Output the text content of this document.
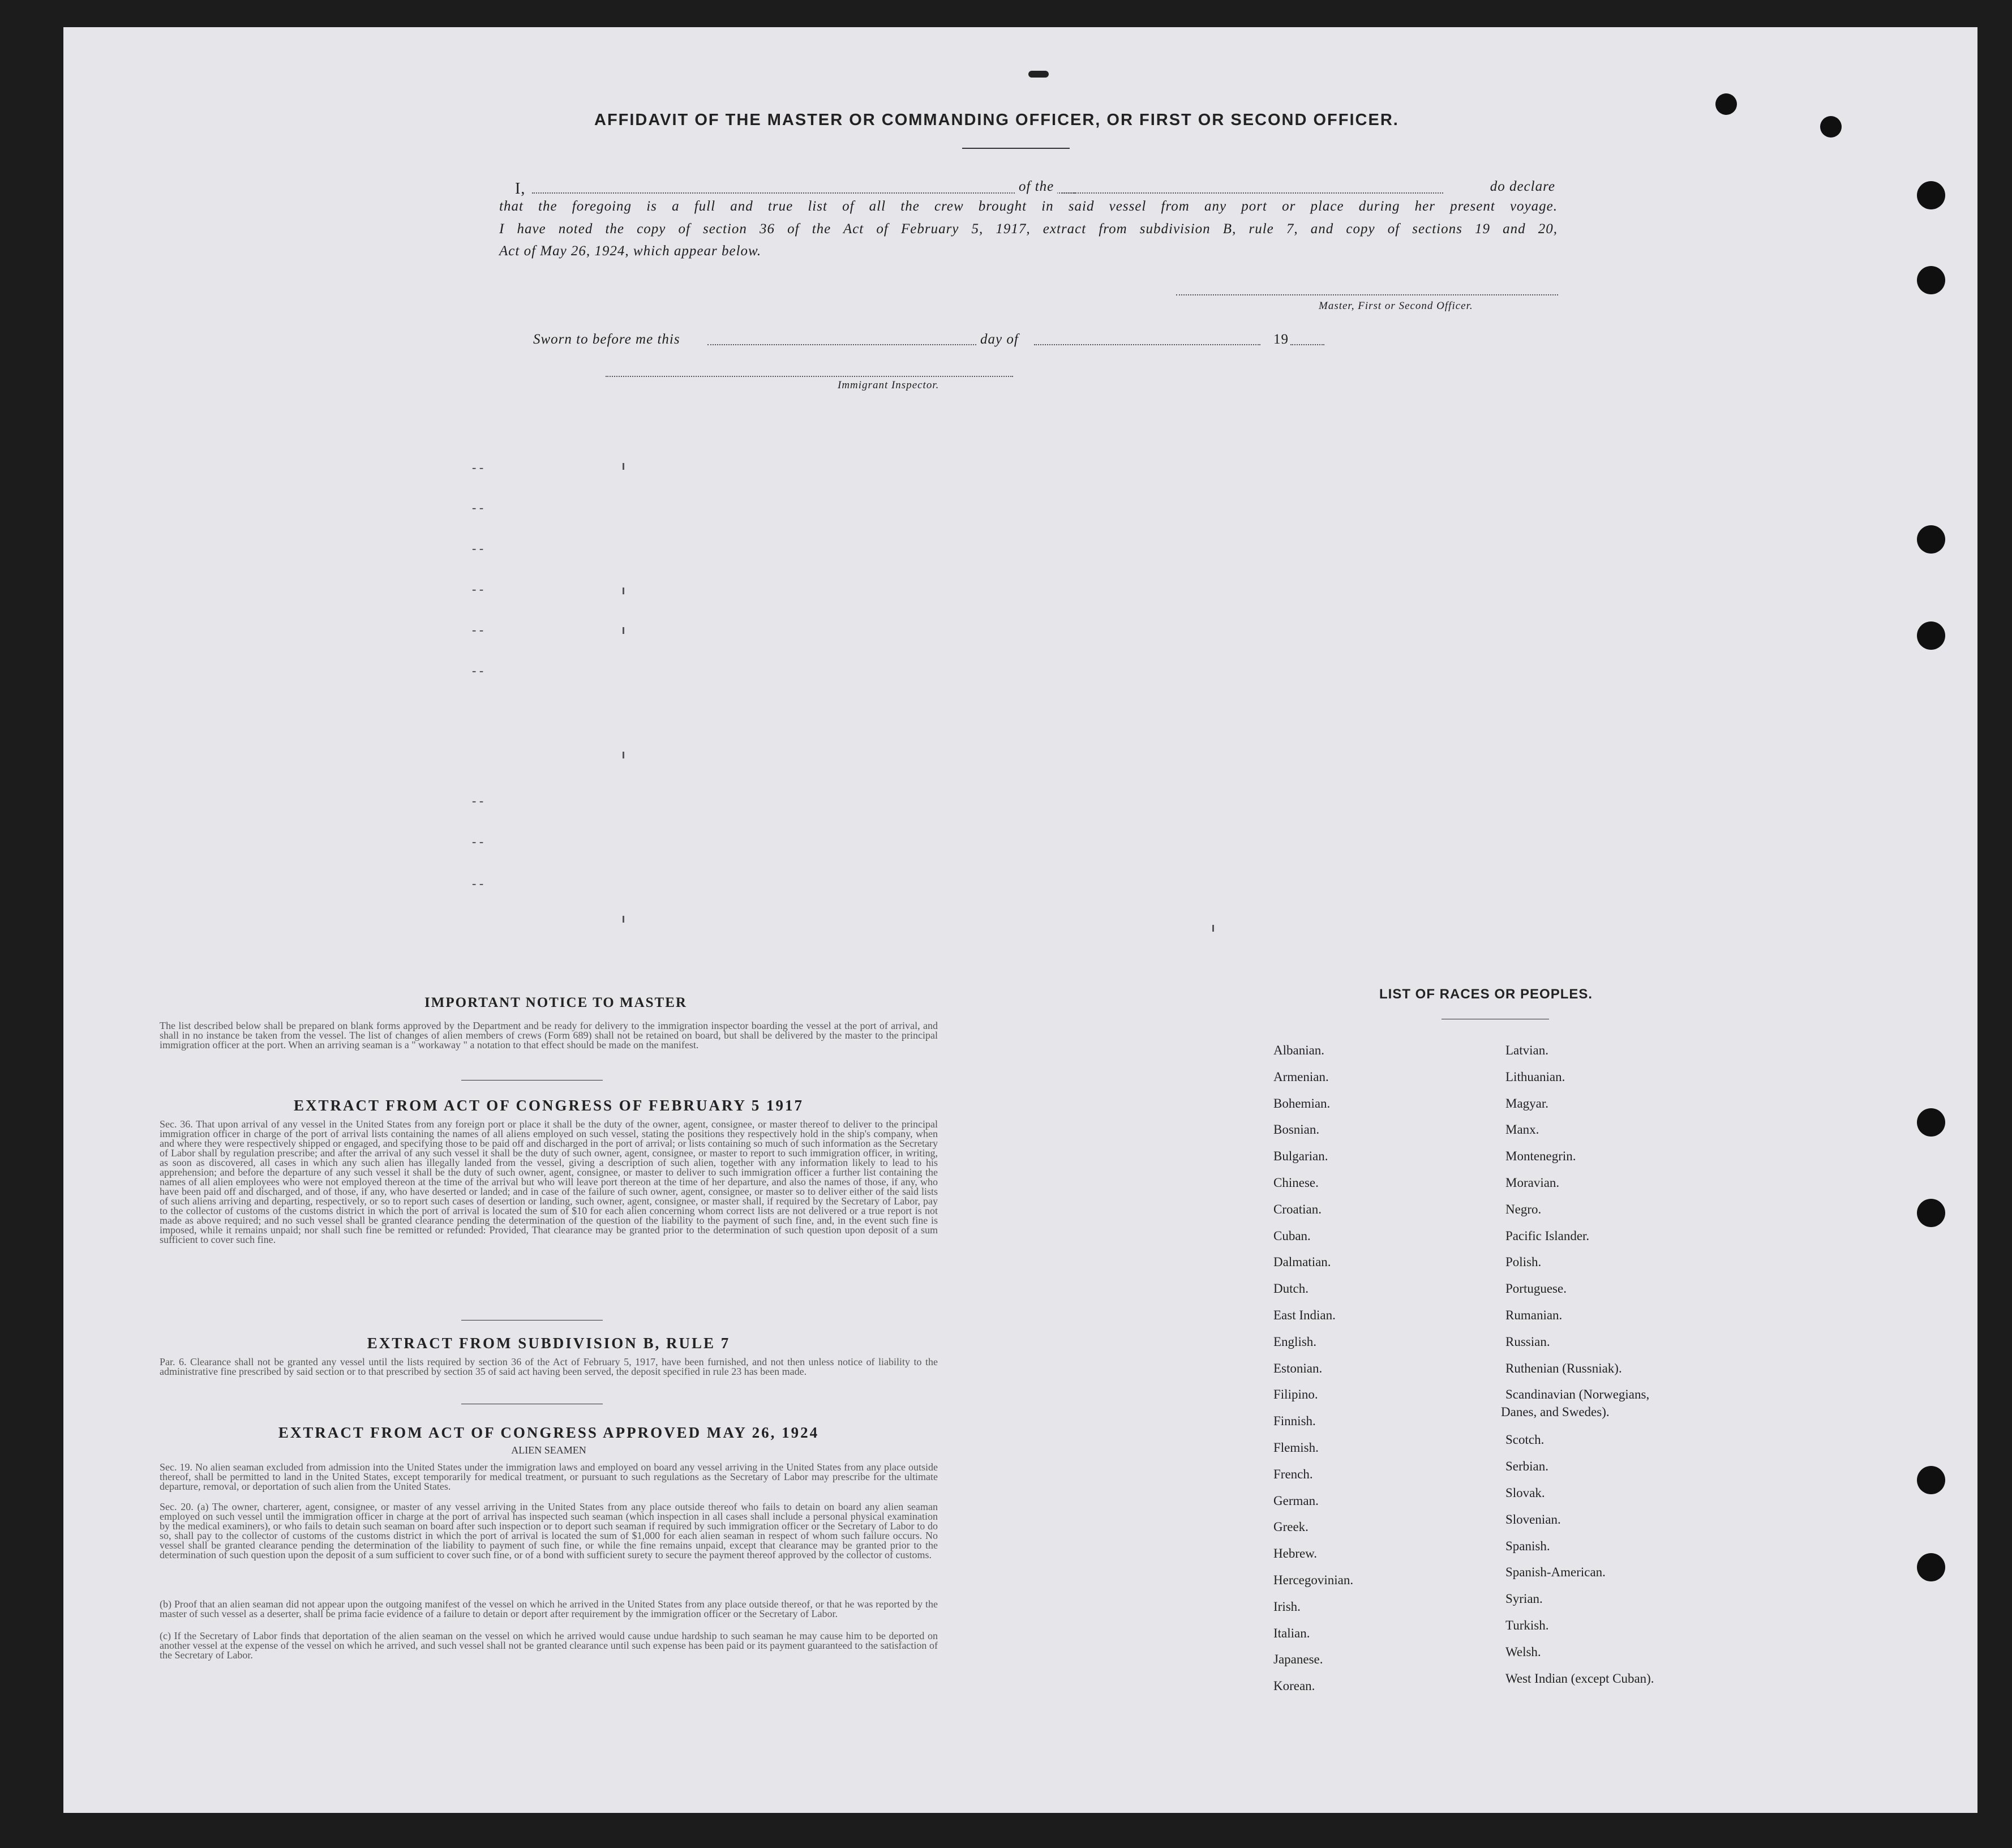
AFFIDAVIT OF THE MASTER OR COMMANDING OFFICER, OR FIRST OR SECOND OFFICER.
I,	of the	do declare
that the foregoing is a full and true list of all the crew brought in said vessel from any port or place during her present voyage.
I have noted the copy of section 36 of the Act of February 5, 1917, extract from subdivision B, rule 7, and copy of sections 19 and 20,
Act of May 26, 1924, which appear below.
Master, First or Second Officer.
Sworn to before me this	day of	19
Immigrant Inspector.
- -
- -
- -
- -
- -
- -
- -
- -
- -
IMPORTANT NOTICE TO MASTER
The list described below shall be prepared on blank forms approved by the Department and be ready for delivery to the immigration inspector boarding the vessel at the port of arrival, and shall in no instance be taken from the vessel. The list of changes of alien members of crews (Form 689) shall not be retained on board, but shall be delivered by the master to the principal immigration officer at the port. When an arriving seaman is a " workaway " a notation to that effect should be made on the manifest.
EXTRACT FROM ACT OF CONGRESS OF FEBRUARY 5 1917
Sec. 36. That upon arrival of any vessel in the United States from any foreign port or place it shall be the duty of the owner, agent, consignee, or master thereof to deliver to the principal immigration officer in charge of the port of arrival lists containing the names of all aliens employed on such vessel, stating the positions they respectively hold in the ship's company, when and where they were respectively shipped or engaged, and specifying those to be paid off and discharged in the port of arrival; or lists containing so much of such information as the Secretary of Labor shall by regulation prescribe; and after the arrival of any such vessel it shall be the duty of such owner, agent, consignee, or master to report to such immigration officer, in writing, as soon as discovered, all cases in which any such alien has illegally landed from the vessel, giving a description of such alien, together with any information likely to lead to his apprehension; and before the departure of any such vessel it shall be the duty of such owner, agent, consignee, or master to deliver to such immigration officer a further list containing the names of all alien employees who were not employed thereon at the time of the arrival but who will leave port thereon at the time of her departure, and also the names of those, if any, who have been paid off and discharged, and of those, if any, who have deserted or landed; and in case of the failure of such owner, agent, consignee, or master so to deliver either of the said lists of such aliens arriving and departing, respectively, or so to report such cases of desertion or landing, such owner, agent, consignee, or master shall, if required by the Secretary of Labor, pay to the collector of customs of the customs district in which the port of arrival is located the sum of $10 for each alien concerning whom correct lists are not delivered or a true report is not made as above required; and no such vessel shall be granted clearance pending the determination of the question of the liability to the payment of such fine, and, in the event such fine is imposed, while it remains unpaid; nor shall such fine be remitted or refunded: Provided, That clearance may be granted prior to the determination of such question upon deposit of a sum sufficient to cover such fine.
EXTRACT FROM SUBDIVISION B, RULE 7
Par. 6. Clearance shall not be granted any vessel until the lists required by section 36 of the Act of February 5, 1917, have been furnished, and not then unless notice of liability to the administrative fine prescribed by said section or to that prescribed by section 35 of said act having been served, the deposit specified in rule 23 has been made.
EXTRACT FROM ACT OF CONGRESS APPROVED MAY 26, 1924
ALIEN SEAMEN
Sec. 19. No alien seaman excluded from admission into the United States under the immigration laws and employed on board any vessel arriving in the United States from any place outside thereof, shall be permitted to land in the United States, except temporarily for medical treatment, or pursuant to such regulations as the Secretary of Labor may prescribe for the ultimate departure, removal, or deportation of such alien from the United States.
Sec. 20. (a) The owner, charterer, agent, consignee, or master of any vessel arriving in the United States from any place outside thereof who fails to detain on board any alien seaman employed on such vessel until the immigration officer in charge at the port of arrival has inspected such seaman (which inspection in all cases shall include a personal physical examination by the medical examiners), or who fails to detain such seaman on board after such inspection or to deport such seaman if required by such immigration officer or the Secretary of Labor to do so, shall pay to the collector of customs of the customs district in which the port of arrival is located the sum of $1,000 for each alien seaman in respect of whom such failure occurs. No vessel shall be granted clearance pending the determination of the liability to payment of such fine, or while the fine remains unpaid, except that clearance may be granted prior to the determination of such question upon the deposit of a sum sufficient to cover such fine, or of a bond with sufficient surety to secure the payment thereof approved by the collector of customs.
(b) Proof that an alien seaman did not appear upon the outgoing manifest of the vessel on which he arrived in the United States from any place outside thereof, or that he was reported by the master of such vessel as a deserter, shall be prima facie evidence of a failure to detain or deport after requirement by the immigration officer or the Secretary of Labor.
(c) If the Secretary of Labor finds that deportation of the alien seaman on the vessel on which he arrived would cause undue hardship to such seaman he may cause him to be deported on another vessel at the expense of the vessel on which he arrived, and such vessel shall not be granted clearance until such expense has been paid or its payment guaranteed to the satisfaction of the Secretary of Labor.
LIST OF RACES OR PEOPLES.
Albanian.
Armenian.
Bohemian.
Bosnian.
Bulgarian.
Chinese.
Croatian.
Cuban.
Dalmatian.
Dutch.
East Indian.
English.
Estonian.
Filipino.
Finnish.
Flemish.
French.
German.
Greek.
Hebrew.
Hercegovinian.
Irish.
Italian.
Japanese.
Korean.
Latvian.
Lithuanian.
Magyar.
Manx.
Montenegrin.
Moravian.
Negro.
Pacific Islander.
Polish.
Portuguese.
Rumanian.
Russian.
Ruthenian (Russniak).
Scandinavian (Norwegians,
Danes, and Swedes).
Scotch.
Serbian.
Slovak.
Slovenian.
Spanish.
Spanish-American.
Syrian.
Turkish.
Welsh.
West Indian (except Cuban).
